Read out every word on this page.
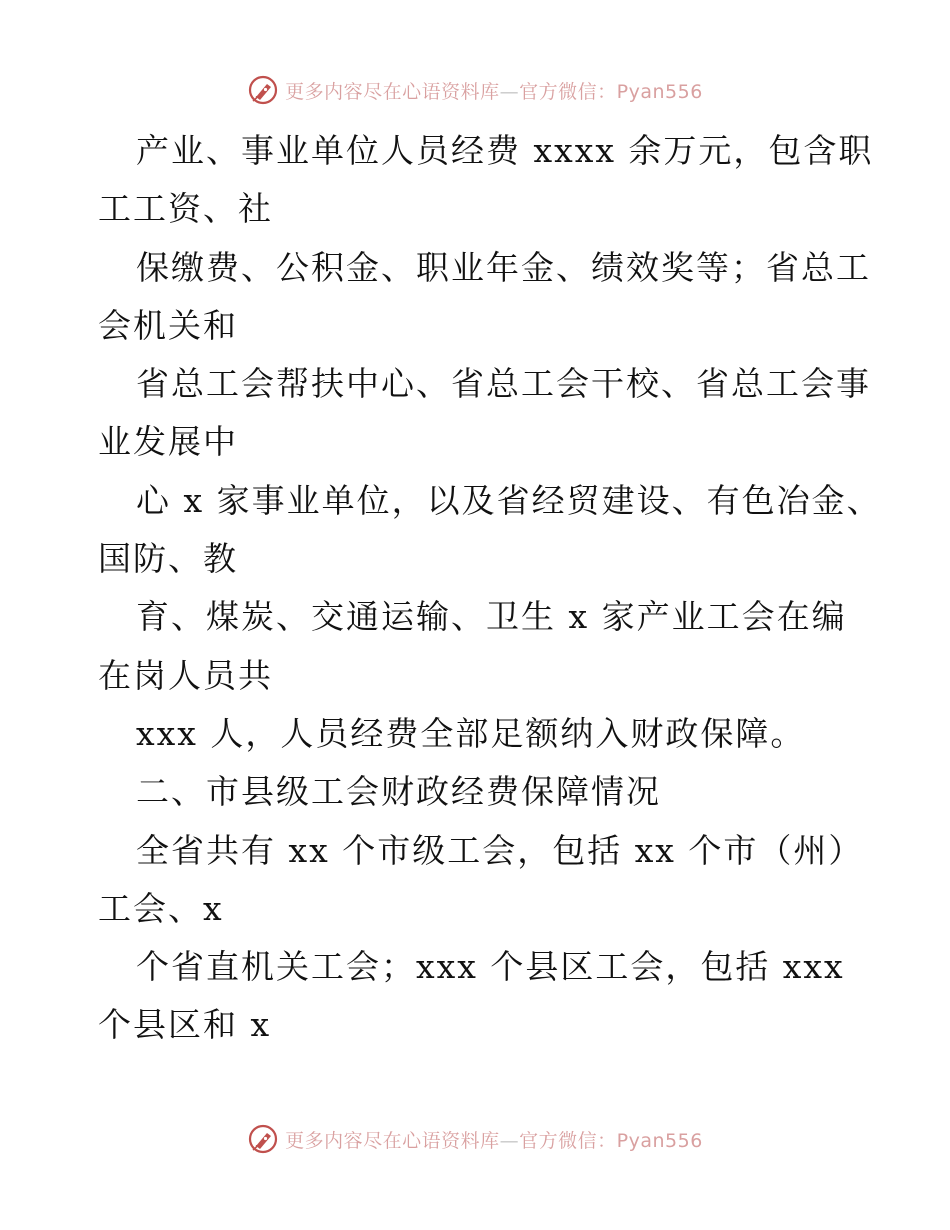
更多内容尽在心语资料库—官方微信：Pyan556
产业、事业单位人员经费 xxxx 余万元，包含职
工工资、社
保缴费、公积金、职业年金、绩效奖等；省总工
会机关和
省总工会帮扶中心、省总工会干校、省总工会事
业发展中
心 x 家事业单位，以及省经贸建设、有色冶金、
国防、教
育、煤炭、交通运输、卫生 x 家产业工会在编
在岗人员共
xxx 人，人员经费全部足额纳入财政保障。
二、市县级工会财政经费保障情况
全省共有 xx 个市级工会，包括 xx 个市（州）
工会、x
个省直机关工会；xxx 个县区工会，包括 xxx
个县区和 x
更多内容尽在心语资料库—官方微信：Pyan556
